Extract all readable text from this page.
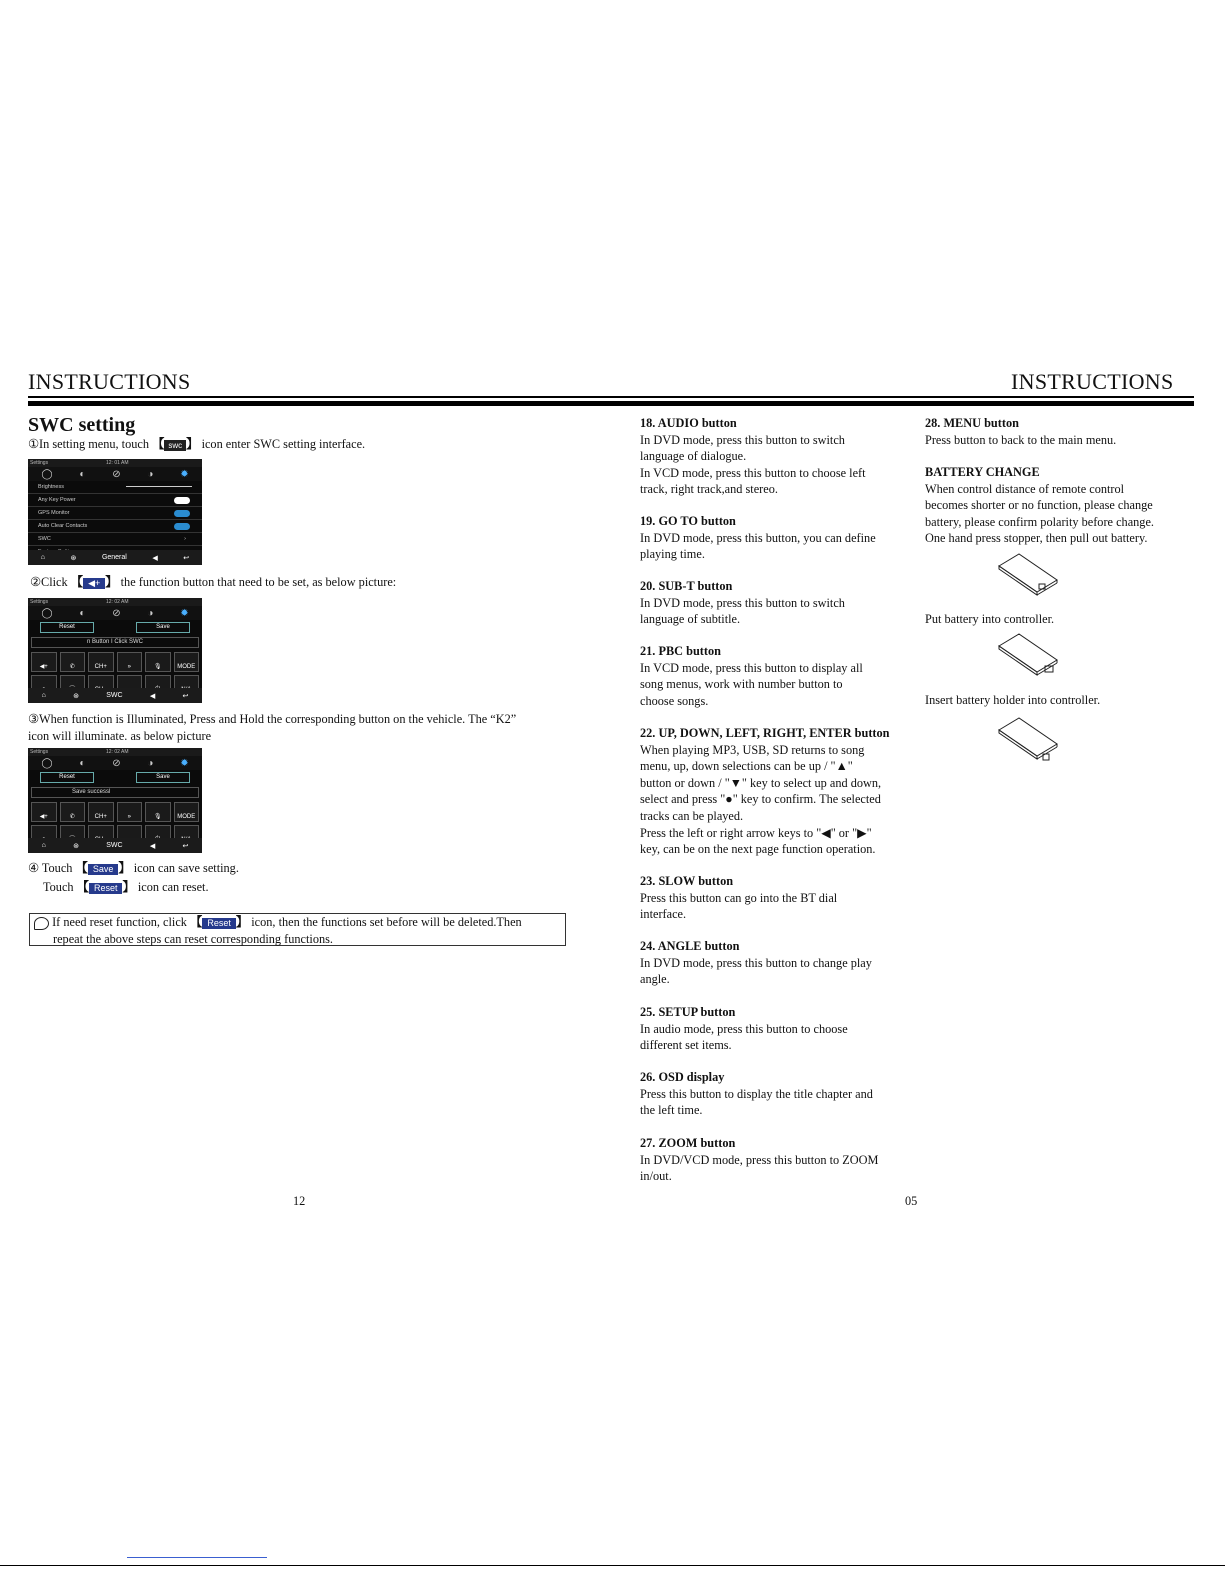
INSTRUCTIONS	INSTRUCTIONS
SWC setting
①In setting menu, touch 【 swc 】 icon enter SWC setting interface.
Settings	12: 01 AM
◯	◐	⊘	◑	✹
Brightness
Any Key Power
GPS Monitor
Auto Clear Contacts
SWC	›
⌂	⊛	General	◀	↩
②Click 【 ◀+ 】 the function button that need to be set, as below picture:
Settings	12: 02 AM
◯	◐	⊘	◑	✹
Reset	Save
n Button I Click SWC
◀+	✆	CH+	»	🎙	MODE
⌂	⊛	SWC	◀	↩
③When function is Illuminated, Press and Hold the corresponding button on the vehicle. The “K2”
icon will illuminate. as below picture
Settings	12: 02 AM
◯	◐	⊘	◑	✹
Reset	Save
Save successl
◀+	✆	CH+	»	🎙	MODE
⌂	⊛	SWC	◀	↩
④ Touch 【 Save 】 icon can save setting.
Touch 【 Reset 】 icon can reset.
If need reset function, click 【 Reset 】 icon, then the functions set before will be deleted.Then
repeat the above steps can reset corresponding functions.
12

18. AUDIO button

In DVD mode, press this button to switch

language of dialogue.

In VCD mode, press this button to choose left

track, right track,and stereo.

19. GO TO button

In DVD mode, press this button, you can define

playing time.

20. SUB-T button

In DVD mode, press this button to switch

language of subtitle.

21. PBC button

In VCD mode, press this button to display all

song menus, work with number button to

choose songs.

22. UP, DOWN, LEFT, RIGHT, ENTER button

When playing MP3, USB, SD returns to song

menu, up, down selections can be up / "▲"

button or down / "▼" key to select up and down,

select and press "●" key to confirm. The selected

tracks can be played.

Press the left or right arrow keys to "◀" or "▶"

key, can be on the next page function operation.

23. SLOW button

Press this button can go into the BT dial

interface.

24. ANGLE button

In DVD mode, press this button to change play

angle.

25. SETUP button

In audio mode, press this button to choose

different set items.

26. OSD display

Press this button to display the title chapter and

the left time.

27. ZOOM button

In DVD/VCD mode, press this button to ZOOM

in/out.

05

28. MENU button

Press button to back to the main menu.

BATTERY CHANGE

When control distance of remote control

becomes shorter or no function, please change

battery, please confirm polarity before change.

One hand press stopper, then pull out battery.

Put battery into controller.
Insert battery holder into controller.
